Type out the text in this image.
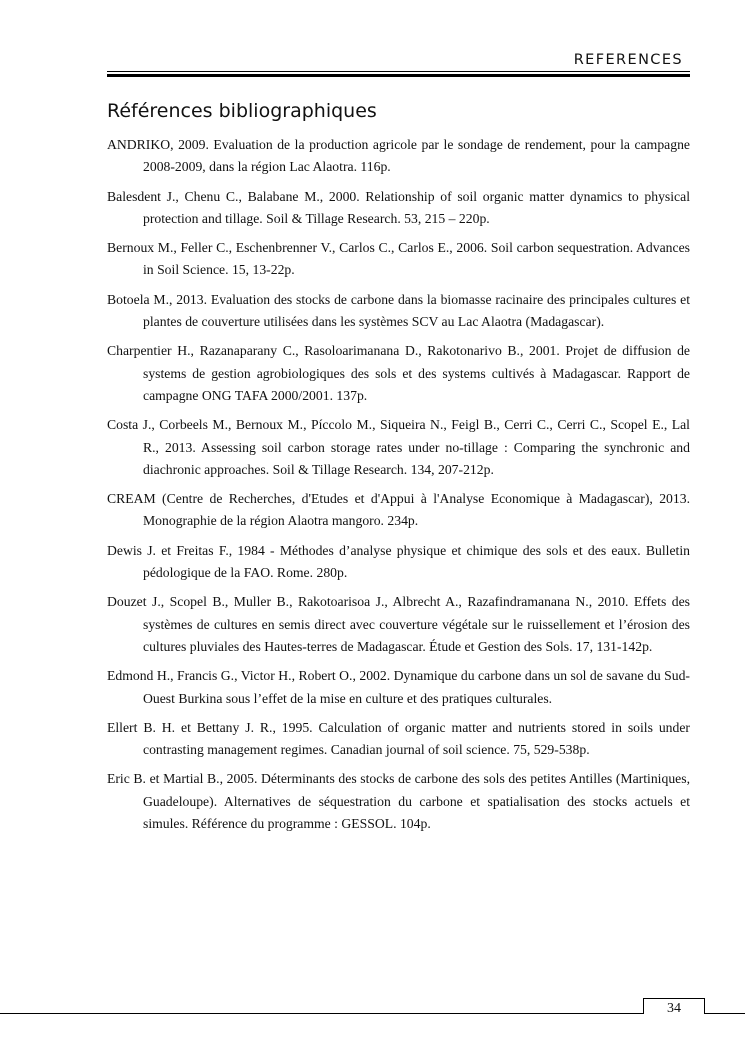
REFERENCES

Références bibliographiques

ANDRIKO, 2009. Evaluation de la production agricole par le sondage de rendement, pour la campagne 2008-2009, dans la région Lac Alaotra. 116p.

Balesdent J., Chenu C., Balabane M., 2000. Relationship of soil organic matter dynamics to physical protection and tillage. Soil & Tillage Research. 53, 215 – 220p.

Bernoux M., Feller C., Eschenbrenner V., Carlos C., Carlos E., 2006. Soil carbon sequestration. Advances in Soil Science. 15, 13-22p.

Botoela M., 2013. Evaluation des stocks de carbone dans la biomasse racinaire des principales cultures et plantes de couverture utilisées dans les systèmes SCV au Lac Alaotra (Madagascar).

Charpentier H., Razanaparany C., Rasoloarimanana D., Rakotonarivo B., 2001. Projet de diffusion de systems de gestion agrobiologiques des sols et des systems cultivés à Madagascar. Rapport de campagne ONG TAFA 2000/2001. 137p.

Costa J., Corbeels M., Bernoux M., Píccolo M., Siqueira N., Feigl B., Cerri C., Cerri C., Scopel E., Lal R., 2013. Assessing soil carbon storage rates under no-tillage : Comparing the synchronic and diachronic approaches. Soil & Tillage Research. 134, 207-212p.

CREAM (Centre de Recherches, d'Etudes et d'Appui à l'Analyse Economique à Madagascar), 2013. Monographie de la région Alaotra mangoro. 234p.

Dewis J. et Freitas F., 1984 - Méthodes d’analyse physique et chimique des sols et des eaux. Bulletin pédologique de la FAO. Rome. 280p.

Douzet J., Scopel B., Muller B., Rakotoarisoa J., Albrecht A., Razafindramanana N., 2010. Effets des systèmes de cultures en semis direct avec couverture végétale sur le ruissellement et l’érosion des cultures pluviales des Hautes-terres de Madagascar. Étude et Gestion des Sols. 17, 131-142p.

Edmond H., Francis G., Victor H., Robert O., 2002. Dynamique du carbone dans un sol de savane du Sud-Ouest Burkina sous l’effet de la mise en culture et des pratiques culturales.

Ellert B. H. et Bettany J. R., 1995. Calculation of organic matter and nutrients stored in soils under contrasting management regimes. Canadian journal of soil science. 75, 529-538p.

Eric B. et Martial B., 2005. Déterminants des stocks de carbone des sols des petites Antilles (Martiniques, Guadeloupe). Alternatives de séquestration du carbone et spatialisation des stocks actuels et simules. Référence du programme : GESSOL. 104p.

34
